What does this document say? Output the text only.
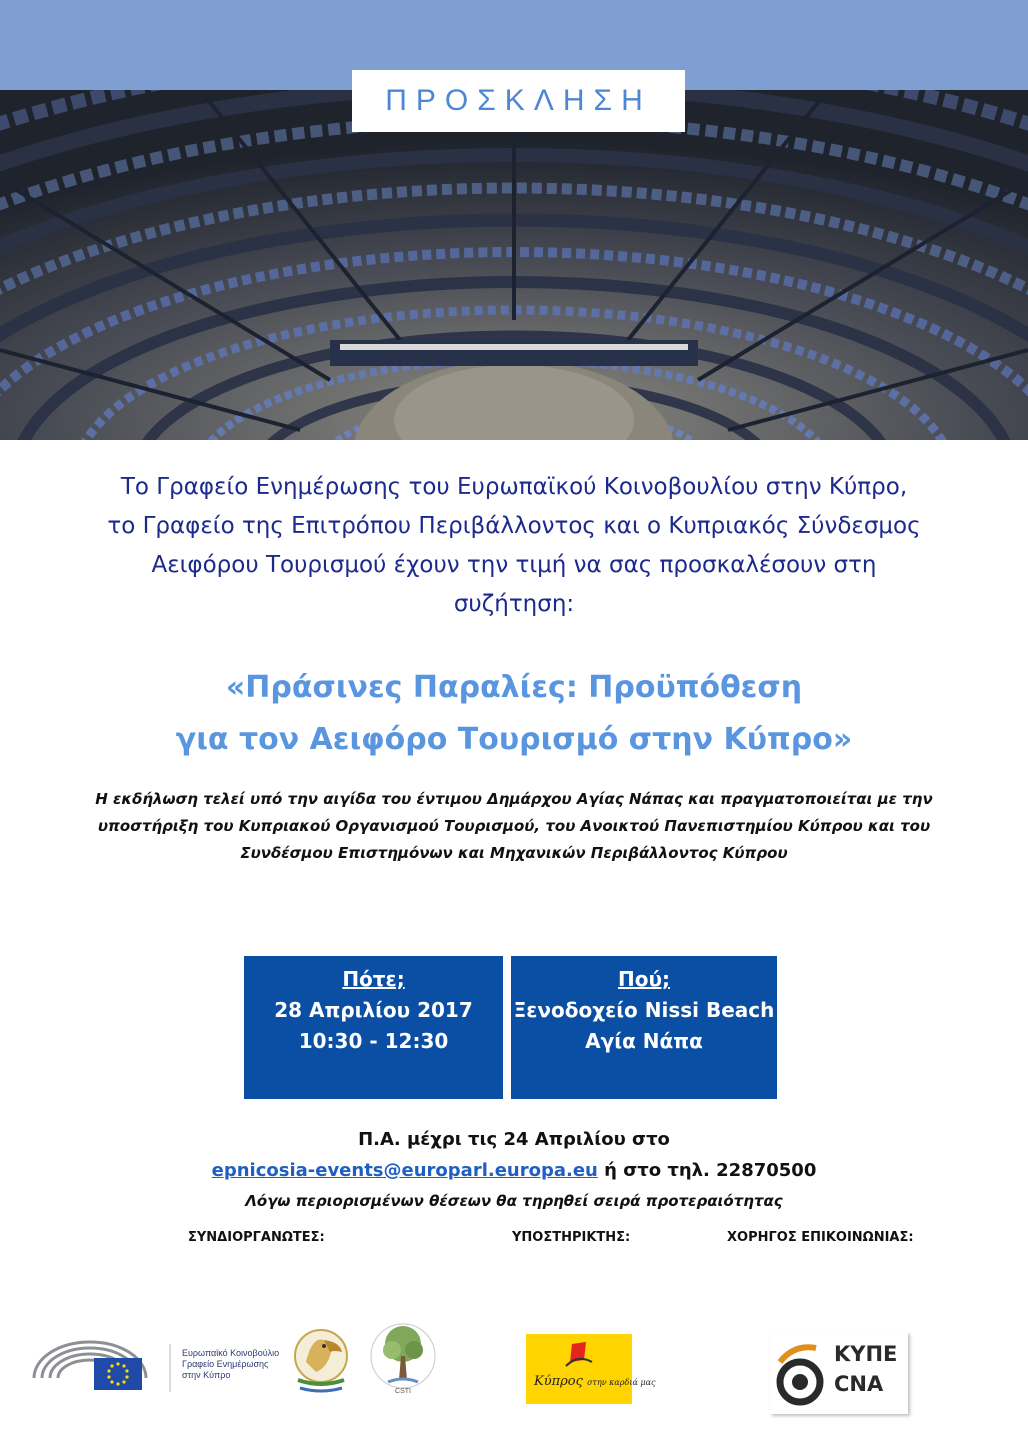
ΠΡΟΣΚΛΗΣΗ
Το Γραφείο Ενημέρωσης του Ευρωπαϊκού Κοινοβουλίου στην Κύπρο,
το Γραφείο της Επιτρόπου Περιβάλλοντος και ο Κυπριακός Σύνδεσμος
Αειφόρου Τουρισμού έχουν την τιμή να σας προσκαλέσουν στη
συζήτηση:
«Πράσινες Παραλίες: Προϋπόθεση
για τον Αειφόρο Τουρισμό στην Κύπρο»
Η εκδήλωση τελεί υπό την αιγίδα του έντιμου Δημάρχου Αγίας Νάπας και πραγματοποιείται με την
υποστήριξη του Κυπριακού Οργανισμού Τουρισμού, του Ανοικτού Πανεπιστημίου Κύπρου και του
Συνδέσμου Επιστημόνων και Μηχανικών Περιβάλλοντος Κύπρου
Πότε;
28 Απριλίου 2017
10:30 - 12:30
Πού;
Ξενοδοχείο Nissi Beach
Αγία Νάπα
Π.Α. μέχρι τις 24 Απριλίου στο
epnicosia-events@europarl.europa.eu ή στο τηλ. 22870500
Λόγω περιορισμένων θέσεων θα τηρηθεί σειρά προτεραιότητας
ΣΥΝΔΙΟΡΓΑΝΩΤΕΣ:	ΥΠΟΣΤΗΡΙΚΤΗΣ:	ΧΟΡΗΓΟΣ ΕΠΙΚΟΙΝΩΝΙΑΣ:
Ευρωπαϊκό Κοινοβούλιο
Γραφείο Ενημέρωσης
στην Κύπρο
CSTI
Κύπρος στην καρδιά μας
ΚΥΠΕ
CNA
